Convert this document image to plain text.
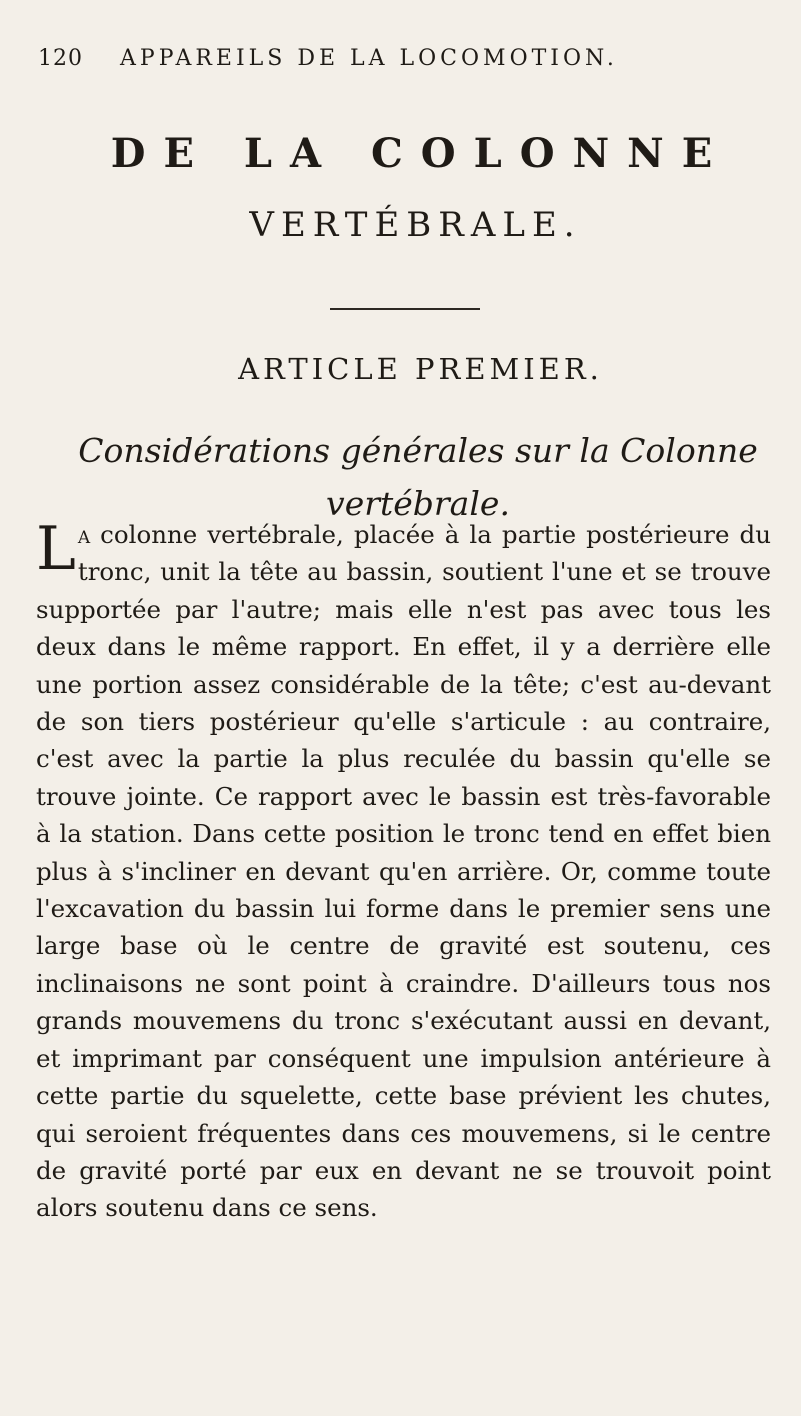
120 APPAREILS DE LA LOCOMOTION.
DE LA COLONNE
VERTÉBRALE.
ARTICLE PREMIER.
Considérations générales sur la Colonne vertébrale.
La colonne vertébrale, placée à la partie postérieure du tronc, unit la tête au bassin, soutient l'une et se trouve supportée par l'autre; mais elle n'est pas avec tous les deux dans le même rapport. En effet, il y a derrière elle une portion assez considérable de la tête; c'est au-devant de son tiers postérieur qu'elle s'articule : au contraire, c'est avec la partie la plus reculée du bassin qu'elle se trouve jointe. Ce rapport avec le bassin est très-favorable à la station. Dans cette position le tronc tend en effet bien plus à s'incliner en devant qu'en arrière. Or, comme toute l'excavation du bassin lui forme dans le premier sens une large base où le centre de gravité est soutenu, ces inclinaisons ne sont point à craindre. D'ailleurs tous nos grands mouvemens du tronc s'exécutant aussi en devant, et imprimant par conséquent une impulsion antérieure à cette partie du squelette, cette base prévient les chutes, qui seroient fréquentes dans ces mouvemens, si le centre de gravité porté par eux en devant ne se trouvoit point alors soutenu dans ce sens.
